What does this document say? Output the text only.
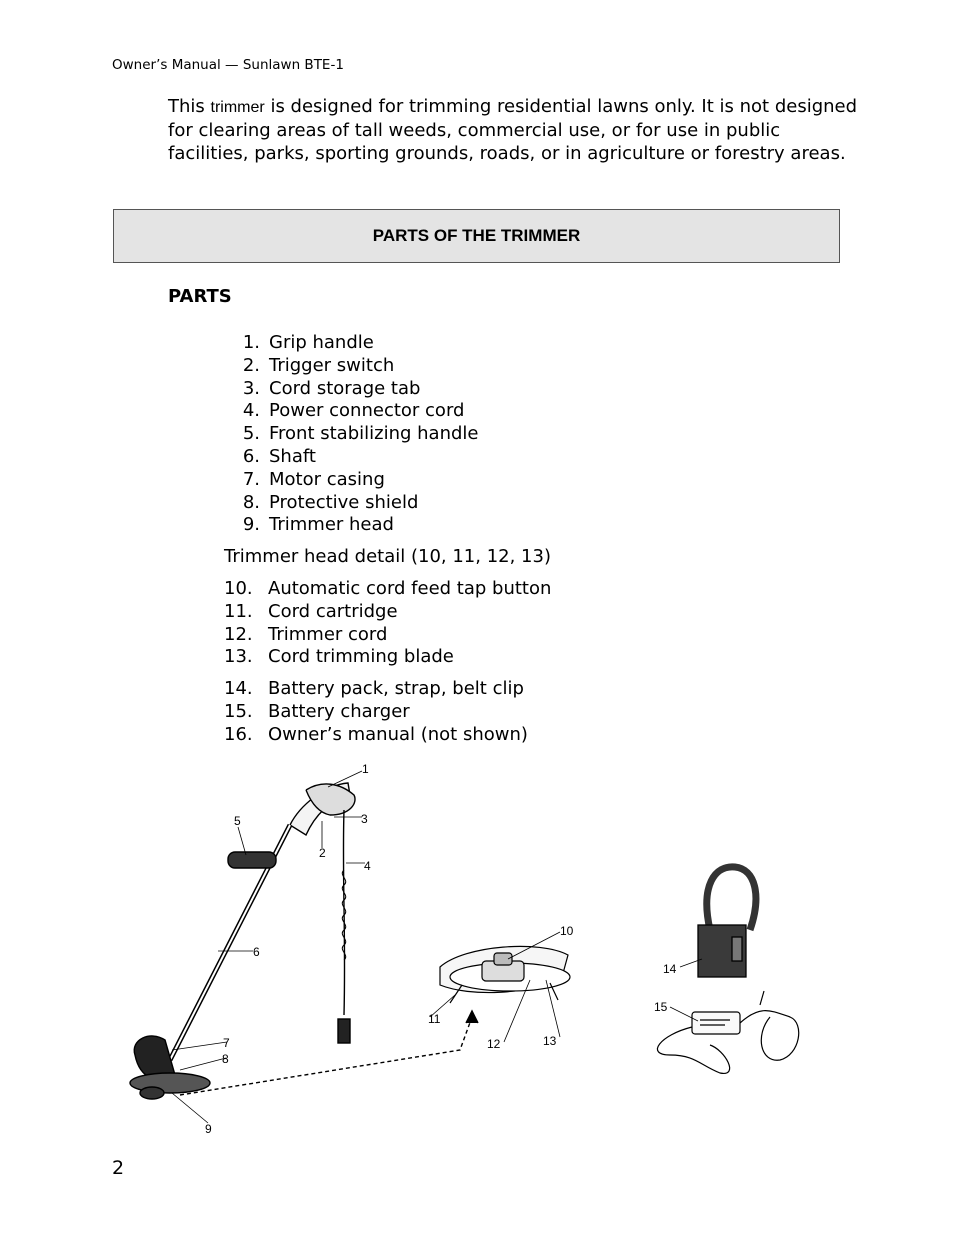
Owner’s Manual — Sunlawn BTE-1

This trimmer is designed for trimming residential lawns only. It is not designed for clearing areas of tall weeds, commercial use, or for use in public facilities, parks, sporting grounds, roads, or in agriculture or forestry areas.

PARTS OF THE TRIMMER
PARTS
1. Grip handle
2. Trigger switch
3. Cord storage tab
4. Power connector cord
5. Front stabilizing handle
6. Shaft
7. Motor casing
8. Protective shield
9. Trimmer head
Trimmer head detail (10, 11, 12, 13)
10. Automatic cord feed tap button
11. Cord cartridge
12. Trimmer cord
13. Cord trimming blade
14. Battery pack, strap, belt clip
15. Battery charger
16. Owner’s manual (not shown)
1
2
3
4
5
6
7
8
9
10
11
12	13
14
15
2
